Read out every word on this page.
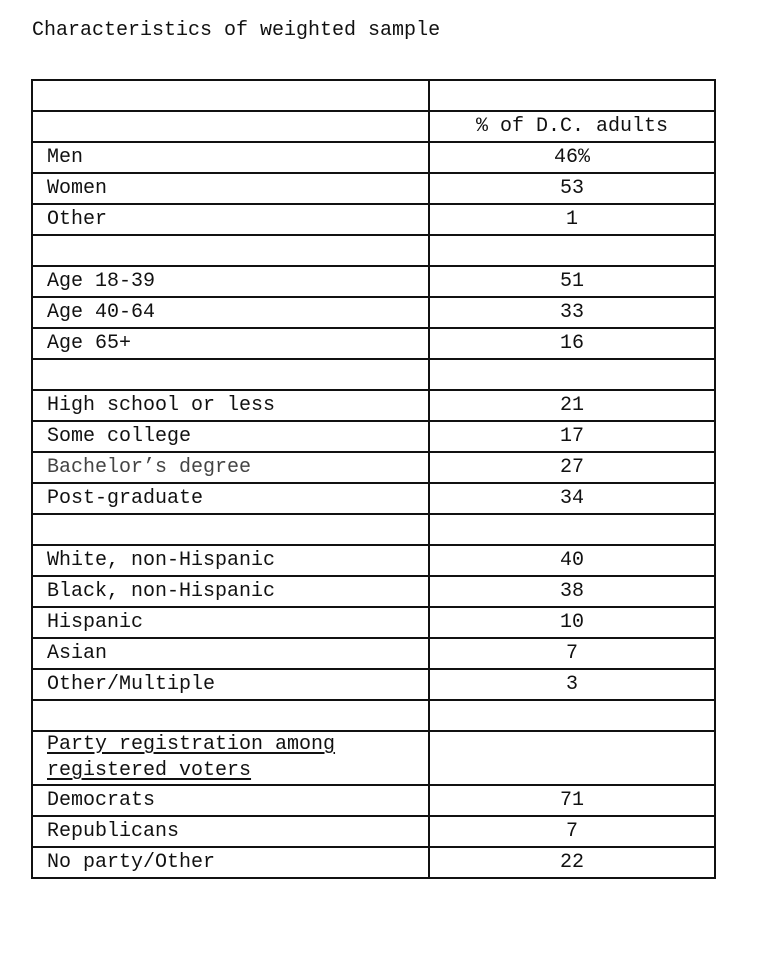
Characteristics of weighted sample

	% of D.C. adults
Men	46%
Women	53
Other	1

Age 18-39	51
Age 40-64	33
Age 65+	16

High school or less	21
Some college	17
Bachelor’s degree	27
Post-graduate	34

White, non-Hispanic	40
Black, non-Hispanic	38
Hispanic	10
Asian	7
Other/Multiple	3

Party registration among registered voters	
Democrats	71
Republicans	7
No party/Other	22
